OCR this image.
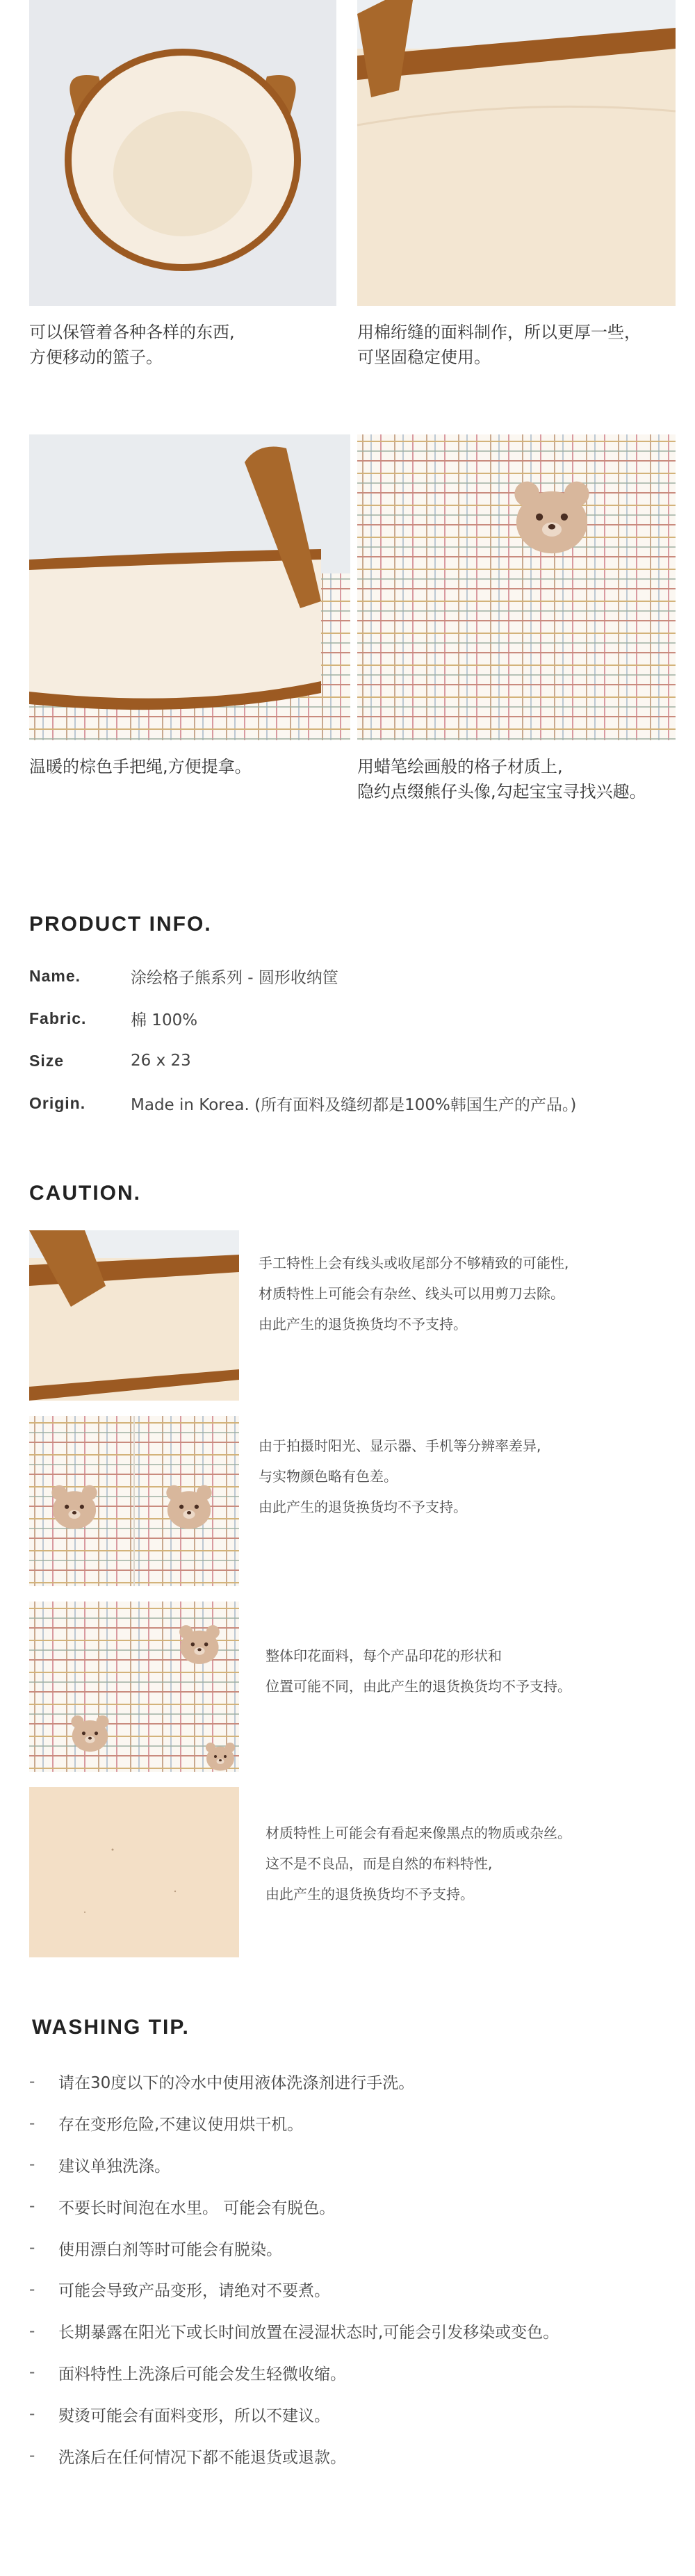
可以保管着各种各样的东西,
方便移动的篮子。
用棉绗缝的面料制作，所以更厚一些，
可坚固稳定使用。
温暖的棕色手把绳,方便提拿。	用蜡笔绘画般的格子材质上,
隐约点缀熊仔头像,勾起宝宝寻找兴趣。
PRODUCT INFO.
Name.	涂绘格子熊系列 - 圆形收纳筐
Fabric.	棉 100%
Size	26 x 23
Origin.	Made in Korea. (所有面料及缝纫都是100%韩国生产的产品。)
CAUTION.
手工特性上会有线头或收尾部分不够精致的可能性,
材质特性上可能会有杂丝、线头可以用剪刀去除。
由此产生的退货换货均不予支持。
由于拍摄时阳光、显示器、手机等分辨率差异,
与实物颜色略有色差。
由此产生的退货换货均不予支持。
整体印花面料，每个产品印花的形状和
位置可能不同，由此产生的退货换货均不予支持。
材质特性上可能会有看起来像黑点的物质或杂丝。
这不是不良品，而是自然的布料特性,
由此产生的退货换货均不予支持。
WASHING TIP.
-	请在30度以下的冷水中使用液体洗涤剂进行手洗。
-	存在变形危险,不建议使用烘干机。
-	建议单独洗涤。
-	不要长时间泡在水里。 可能会有脱色。
-	使用漂白剂等时可能会有脱染。
-	可能会导致产品变形，请绝对不要煮。
-	长期暴露在阳光下或长时间放置在浸湿状态时,可能会引发移染或变色。
-	面料特性上洗涤后可能会发生轻微收缩。
-	熨烫可能会有面料变形，所以不建议。
-	洗涤后在任何情况下都不能退货或退款。
